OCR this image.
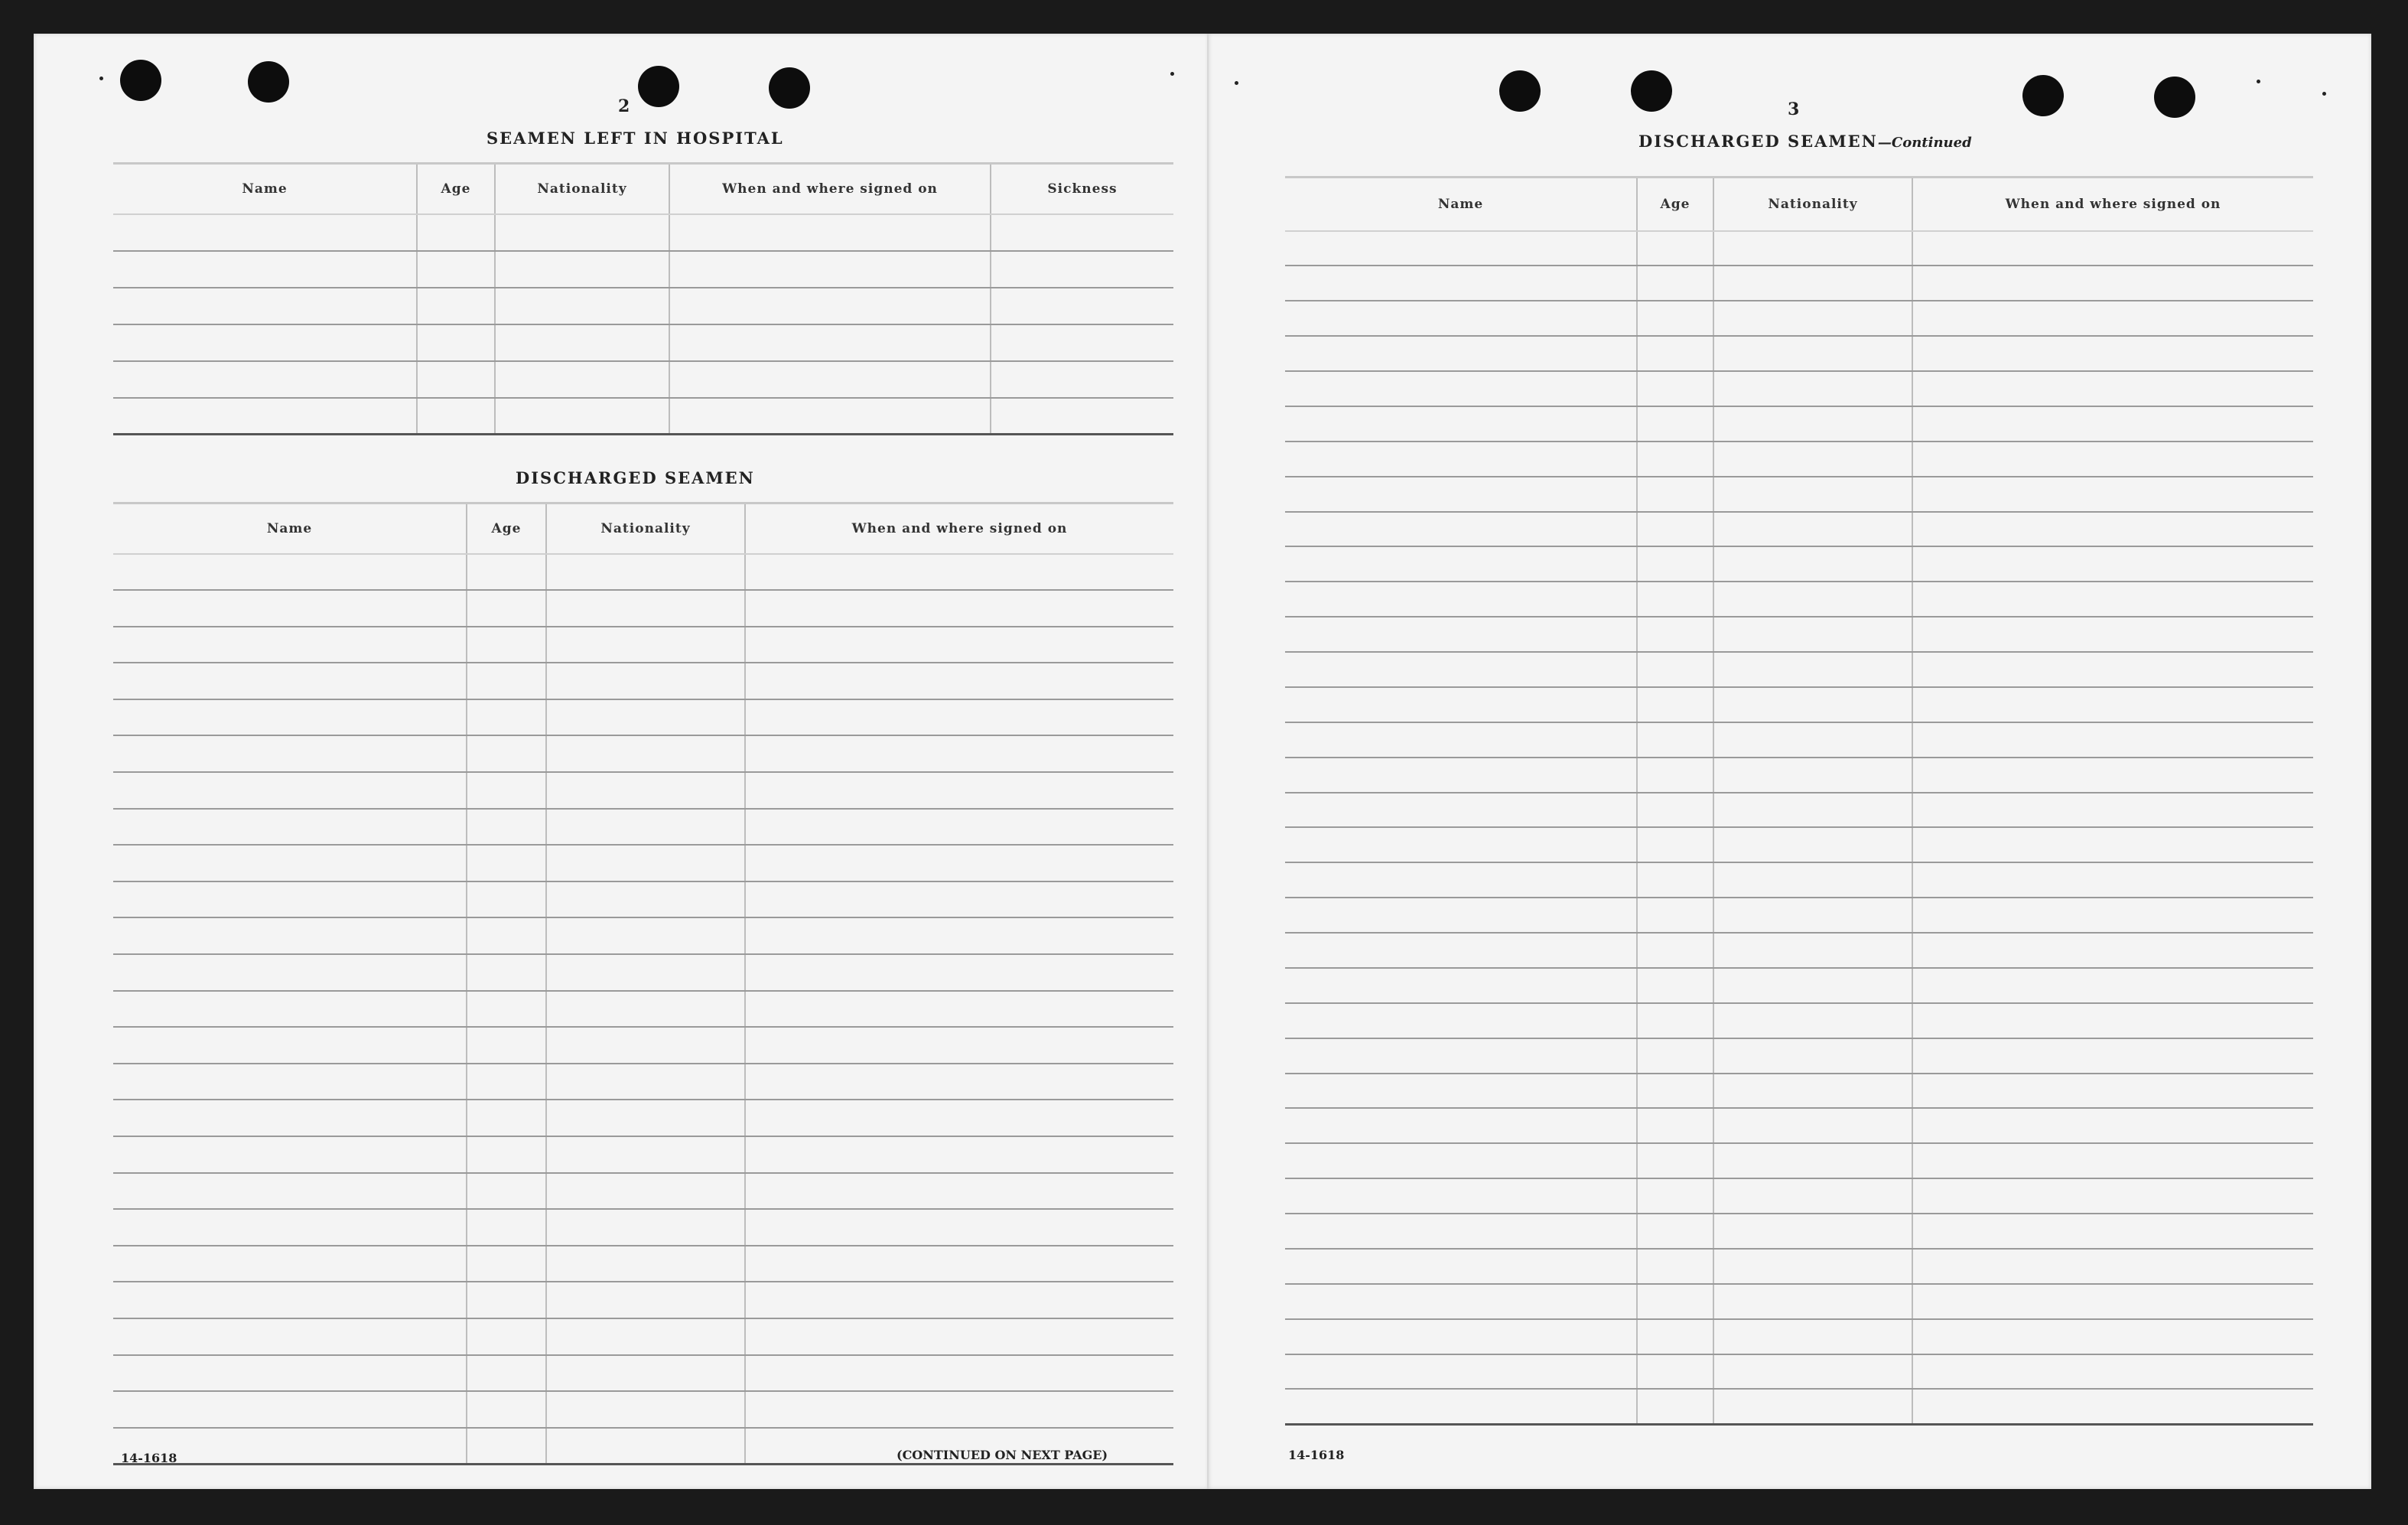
2
SEAMEN LEFT IN HOSPITAL
Name	Age	Nationality	When and where signed on	Sickness

DISCHARGED SEAMEN
Name	Age	Nationality	When and where signed on

14-1618	(CONTINUED ON NEXT PAGE)
3
DISCHARGED SEAMEN—Continued
Name	Age	Nationality	When and where signed on

14-1618
